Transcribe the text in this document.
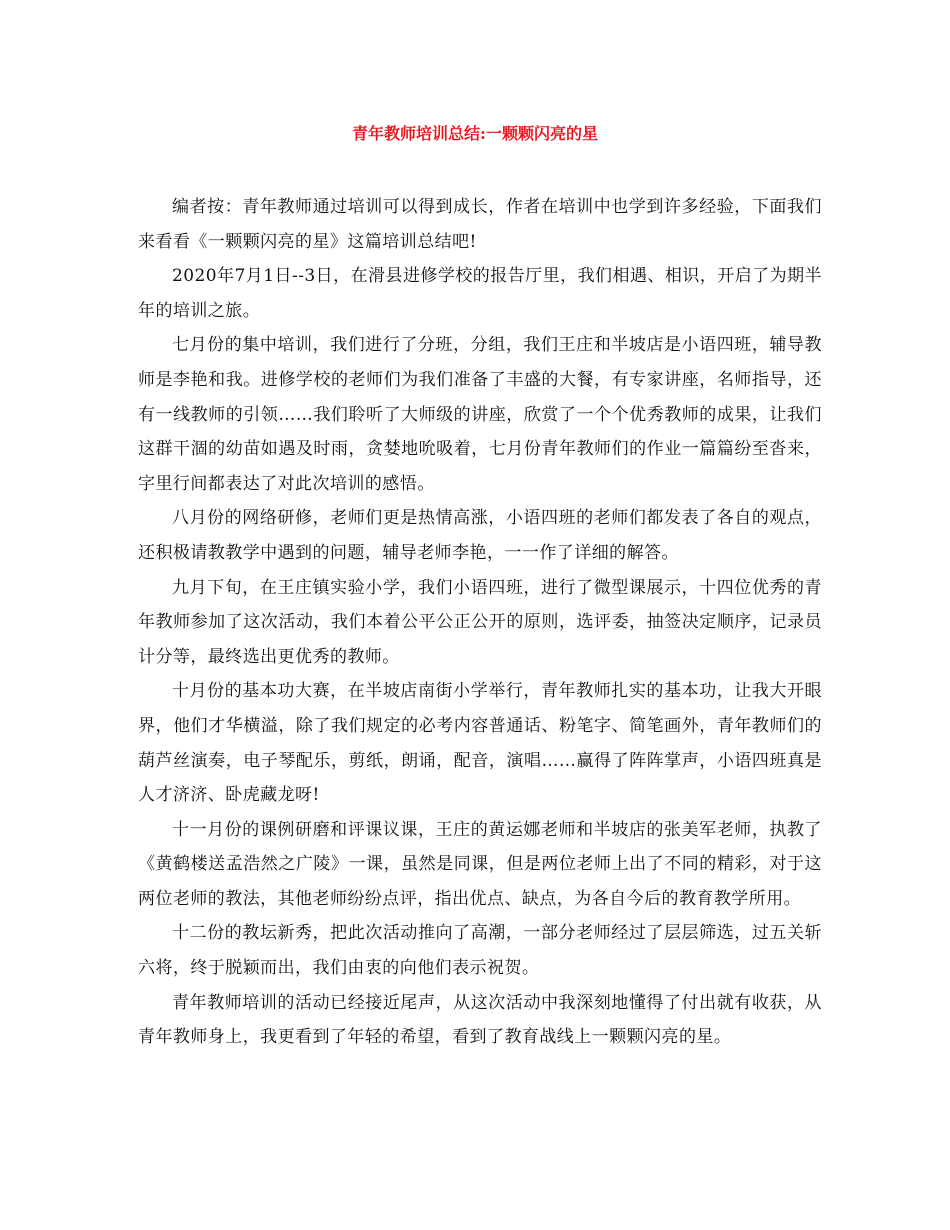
青年教师培训总结:一颗颗闪亮的星

编者按：青年教师通过培训可以得到成长，作者在培训中也学到许多经验，下面我们来看看《一颗颗闪亮的星》这篇培训总结吧!

2020年7月1日--3日，在滑县进修学校的报告厅里，我们相遇、相识，开启了为期半年的培训之旅。

七月份的集中培训，我们进行了分班，分组，我们王庄和半坡店是小语四班，辅导教师是李艳和我。进修学校的老师们为我们准备了丰盛的大餐，有专家讲座，名师指导，还有一线教师的引领……我们聆听了大师级的讲座，欣赏了一个个优秀教师的成果，让我们这群干涸的幼苗如遇及时雨，贪婪地吮吸着，七月份青年教师们的作业一篇篇纷至沓来，字里行间都表达了对此次培训的感悟。

八月份的网络研修，老师们更是热情高涨，小语四班的老师们都发表了各自的观点，还积极请教教学中遇到的问题，辅导老师李艳，一一作了详细的解答。

九月下旬，在王庄镇实验小学，我们小语四班，进行了微型课展示，十四位优秀的青年教师参加了这次活动，我们本着公平公正公开的原则，选评委，抽签决定顺序，记录员计分等，最终选出更优秀的教师。

十月份的基本功大赛，在半坡店南街小学举行，青年教师扎实的基本功，让我大开眼界，他们才华横溢，除了我们规定的必考内容普通话、粉笔字、简笔画外，青年教师们的葫芦丝演奏，电子琴配乐，剪纸，朗诵，配音，演唱……赢得了阵阵掌声，小语四班真是人才济济、卧虎藏龙呀!

十一月份的课例研磨和评课议课，王庄的黄运娜老师和半坡店的张美军老师，执教了《黄鹤楼送孟浩然之广陵》一课，虽然是同课，但是两位老师上出了不同的精彩，对于这两位老师的教法，其他老师纷纷点评，指出优点、缺点，为各自今后的教育教学所用。

十二份的教坛新秀，把此次活动推向了高潮，一部分老师经过了层层筛选，过五关斩六将，终于脱颖而出，我们由衷的向他们表示祝贺。

青年教师培训的活动已经接近尾声，从这次活动中我深刻地懂得了付出就有收获，从青年教师身上，我更看到了年轻的希望，看到了教育战线上一颗颗闪亮的星。
